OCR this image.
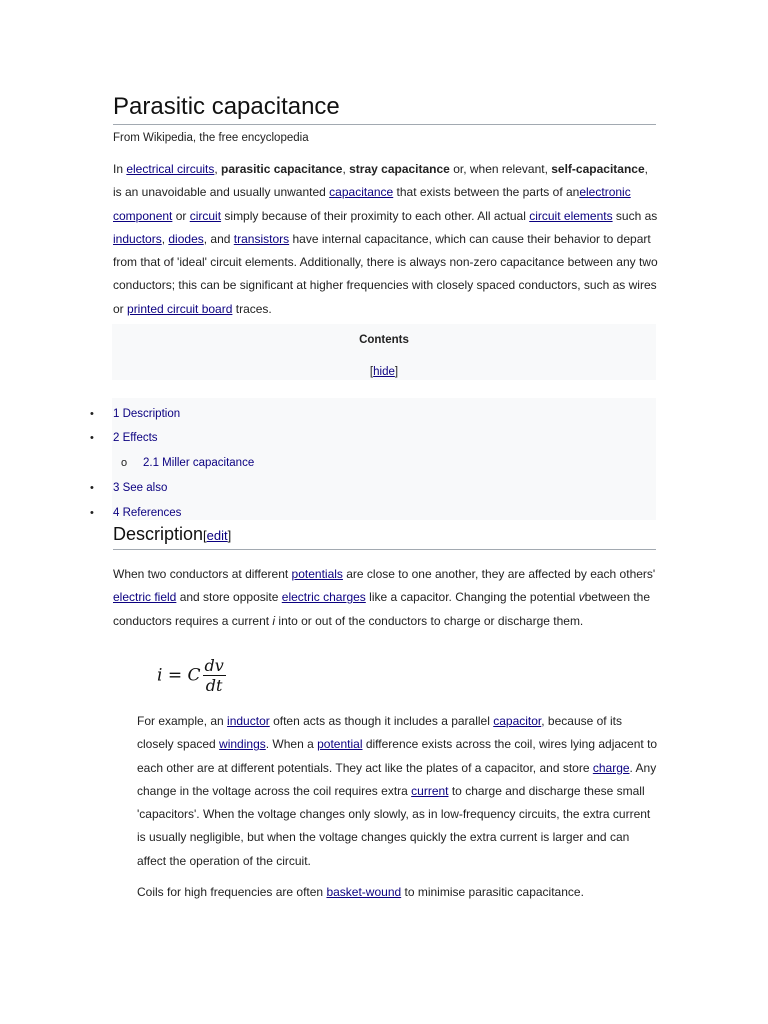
Parasitic capacitance
From Wikipedia, the free encyclopedia

In electrical circuits, parasitic capacitance, stray capacitance or, when relevant, self-capacitance, is an unavoidable and usually unwanted capacitance that exists between the parts of anelectronic component or circuit simply because of their proximity to each other. All actual circuit elements such as inductors, diodes, and transistors have internal capacitance, which can cause their behavior to depart from that of 'ideal' circuit elements. Additionally, there is always non-zero capacitance between any two conductors; this can be significant at higher frequencies with closely spaced conductors, such as wires or printed circuit board traces.

Contents
[hide]
• 1 Description
• 2 Effects
o 2.1 Miller capacitance
• 3 See also
• 4 References
Description[edit]

When two conductors at different potentials are close to one another, they are affected by each others' electric field and store opposite electric charges like a capacitor. Changing the potential vbetween the conductors requires a current i into or out of the conductors to charge or discharge them.

i = C $\frac{dv}{dt}$

For example, an inductor often acts as though it includes a parallel capacitor, because of its closely spaced windings. When a potential difference exists across the coil, wires lying adjacent to each other are at different potentials. They act like the plates of a capacitor, and store charge. Any change in the voltage across the coil requires extra current to charge and discharge these small 'capacitors'. When the voltage changes only slowly, as in low-frequency circuits, the extra current is usually negligible, but when the voltage changes quickly the extra current is larger and can affect the operation of the circuit.

Coils for high frequencies are often basket-wound to minimise parasitic capacitance.
